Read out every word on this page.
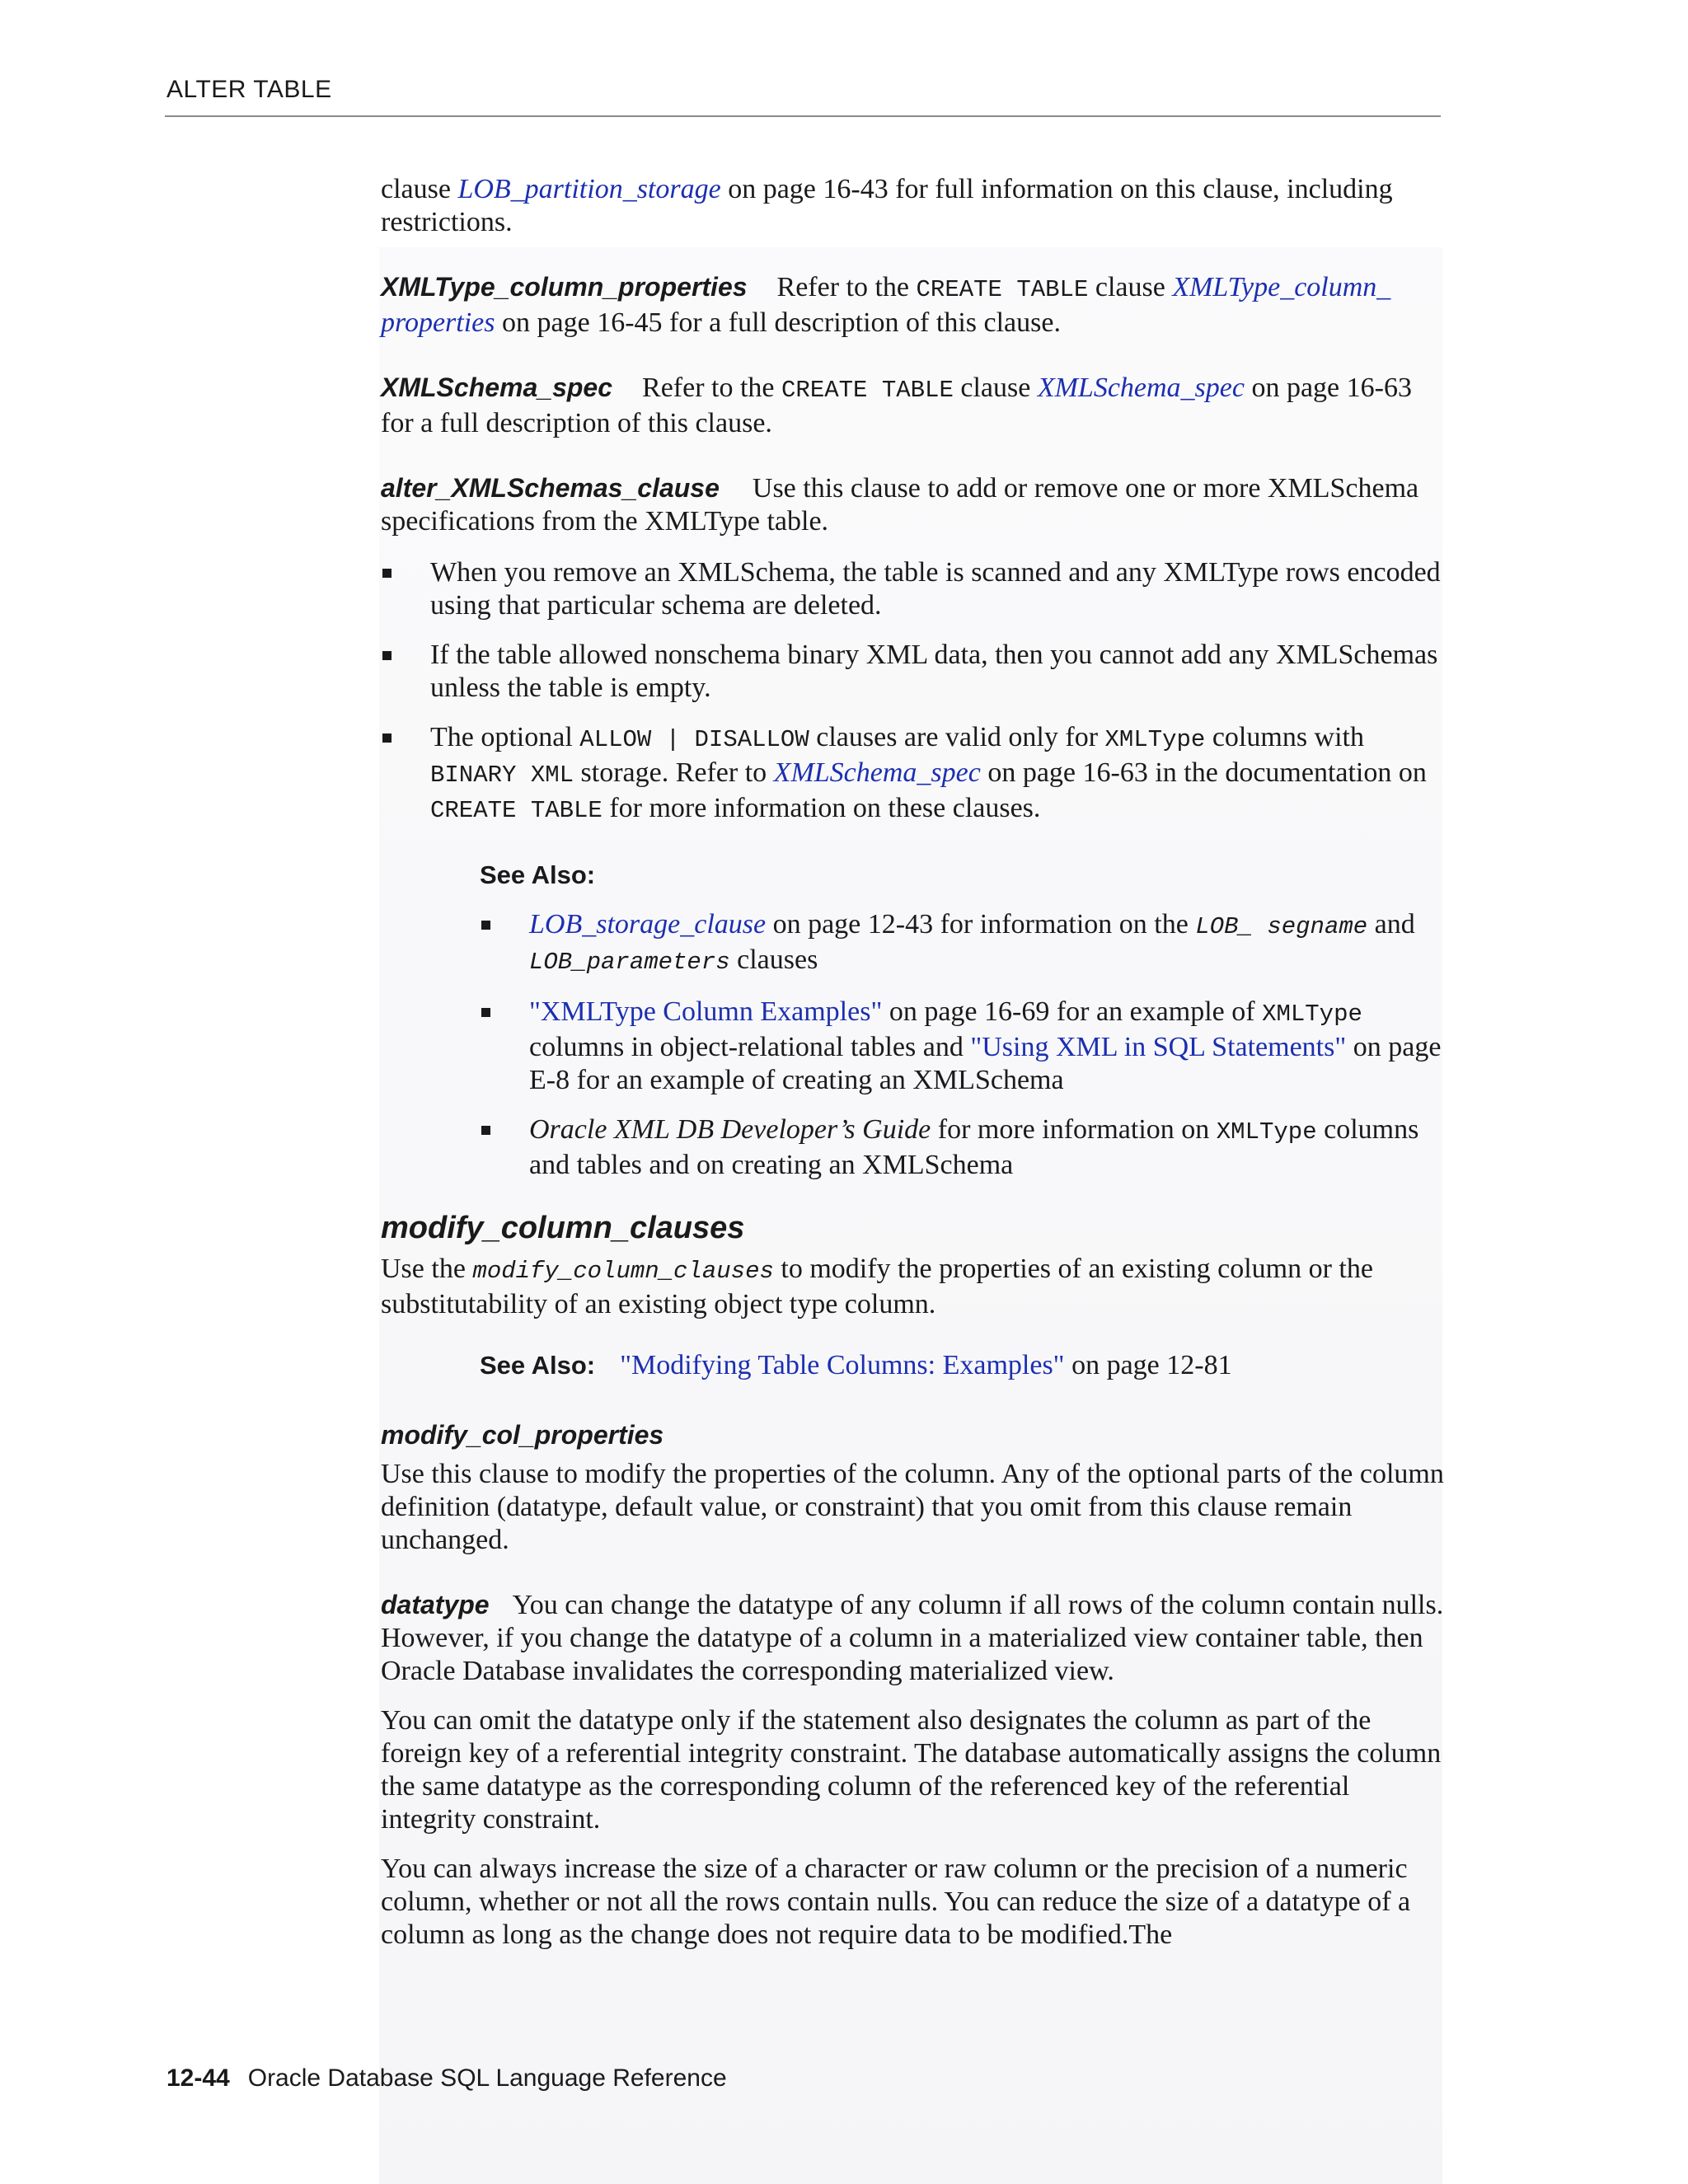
ALTER TABLE

clause LOB_partition_storage on page 16-43 for full information on this clause, including restrictions.

XMLType_column_properties Refer to the CREATE TABLE clause XMLType_column_ properties on page 16-45 for a full description of this clause.

XMLSchema_spec Refer to the CREATE TABLE clause XMLSchema_spec on page 16-63 for a full description of this clause.

alter_XMLSchemas_clause Use this clause to add or remove one or more XMLSchema specifications from the XMLType table.

When you remove an XMLSchema, the table is scanned and any XMLType rows encoded using that particular schema are deleted.
If the table allowed nonschema binary XML data, then you cannot add any XMLSchemas unless the table is empty.
The optional ALLOW | DISALLOW clauses are valid only for XMLType columns with BINARY XML storage. Refer to XMLSchema_spec on page 16-63 in the documentation on CREATE TABLE for more information on these clauses.
See Also:
LOB_storage_clause on page 12-43 for information on the LOB_ segname and LOB_parameters clauses
"XMLType Column Examples" on page 16-69 for an example of XMLType columns in object-relational tables and "Using XML in SQL Statements" on page E-8 for an example of creating an XMLSchema
Oracle XML DB Developer’s Guide for more information on XMLType columns and tables and on creating an XMLSchema
modify_column_clauses

Use the modify_column_clauses to modify the properties of an existing column or the substitutability of an existing object type column.

See Also: "Modifying Table Columns: Examples" on page 12-81
modify_col_properties

Use this clause to modify the properties of the column. Any of the optional parts of the column definition (datatype, default value, or constraint) that you omit from this clause remain unchanged.

datatype You can change the datatype of any column if all rows of the column contain nulls. However, if you change the datatype of a column in a materialized view container table, then Oracle Database invalidates the corresponding materialized view.

You can omit the datatype only if the statement also designates the column as part of the foreign key of a referential integrity constraint. The database automatically assigns the column the same datatype as the corresponding column of the referenced key of the referential integrity constraint.

You can always increase the size of a character or raw column or the precision of a numeric column, whether or not all the rows contain nulls. You can reduce the size of a datatype of a column as long as the change does not require data to be modified.The

12-44 Oracle Database SQL Language Reference
